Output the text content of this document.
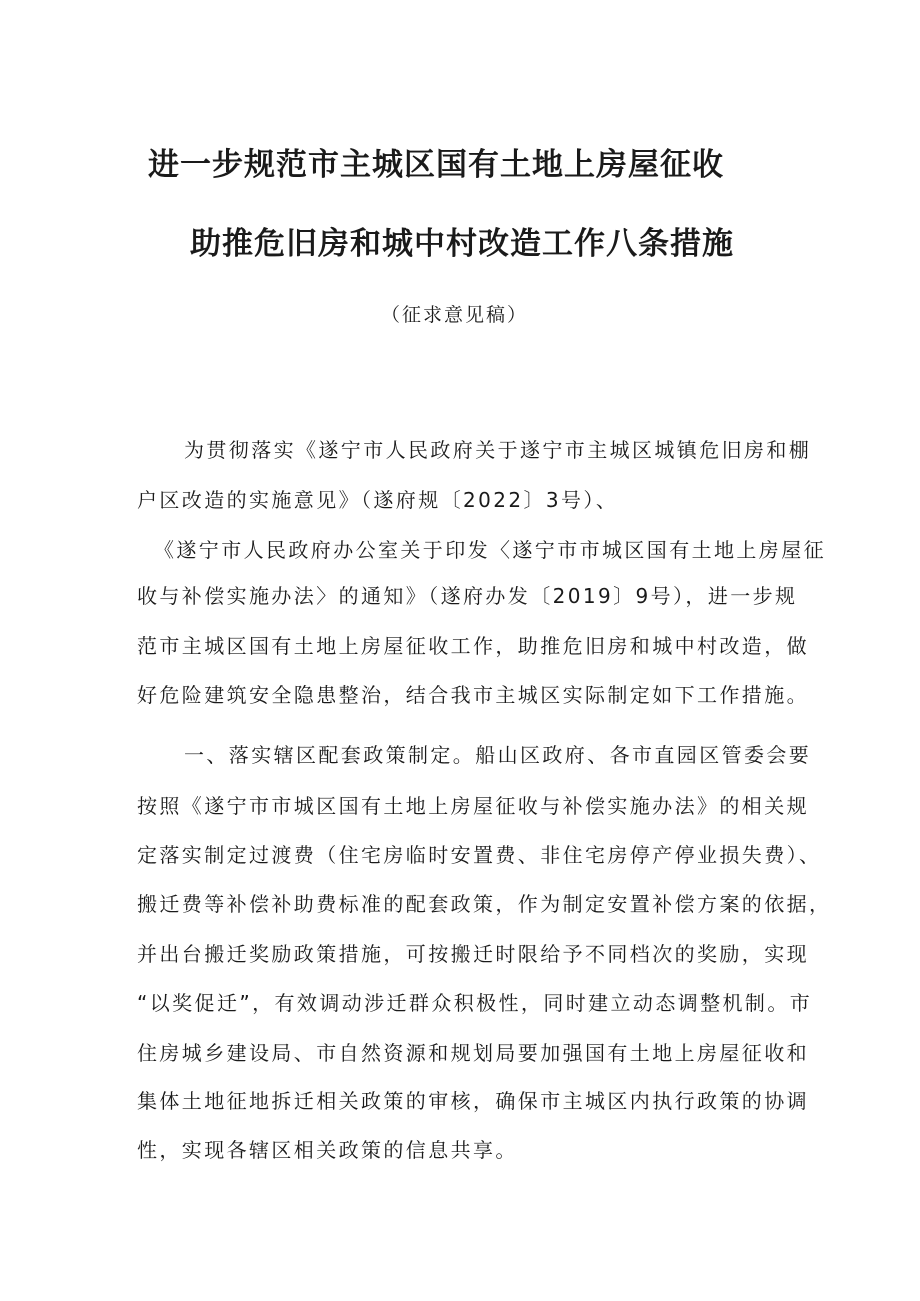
进一步规范市主城区国有土地上房屋征收
助推危旧房和城中村改造工作八条措施
（征求意见稿）
为贯彻落实《遂宁市人民政府关于遂宁市主城区城镇危旧房和棚
户区改造的实施意见》（遂府规〔2022〕3号）、
《遂宁市人民政府办公室关于印发〈遂宁市市城区国有土地上房屋征
收与补偿实施办法〉的通知》（遂府办发〔2019〕9号），进一步规
范市主城区国有土地上房屋征收工作，助推危旧房和城中村改造，做
好危险建筑安全隐患整治，结合我市主城区实际制定如下工作措施。
一、落实辖区配套政策制定。船山区政府、各市直园区管委会要
按照《遂宁市市城区国有土地上房屋征收与补偿实施办法》的相关规
定落实制定过渡费（住宅房临时安置费、非住宅房停产停业损失费）、
搬迁费等补偿补助费标准的配套政策，作为制定安置补偿方案的依据，
并出台搬迁奖励政策措施，可按搬迁时限给予不同档次的奖励，实现
“以奖促迁”，有效调动涉迁群众积极性，同时建立动态调整机制。市
住房城乡建设局、市自然资源和规划局要加强国有土地上房屋征收和
集体土地征地拆迁相关政策的审核，确保市主城区内执行政策的协调
性，实现各辖区相关政策的信息共享。
